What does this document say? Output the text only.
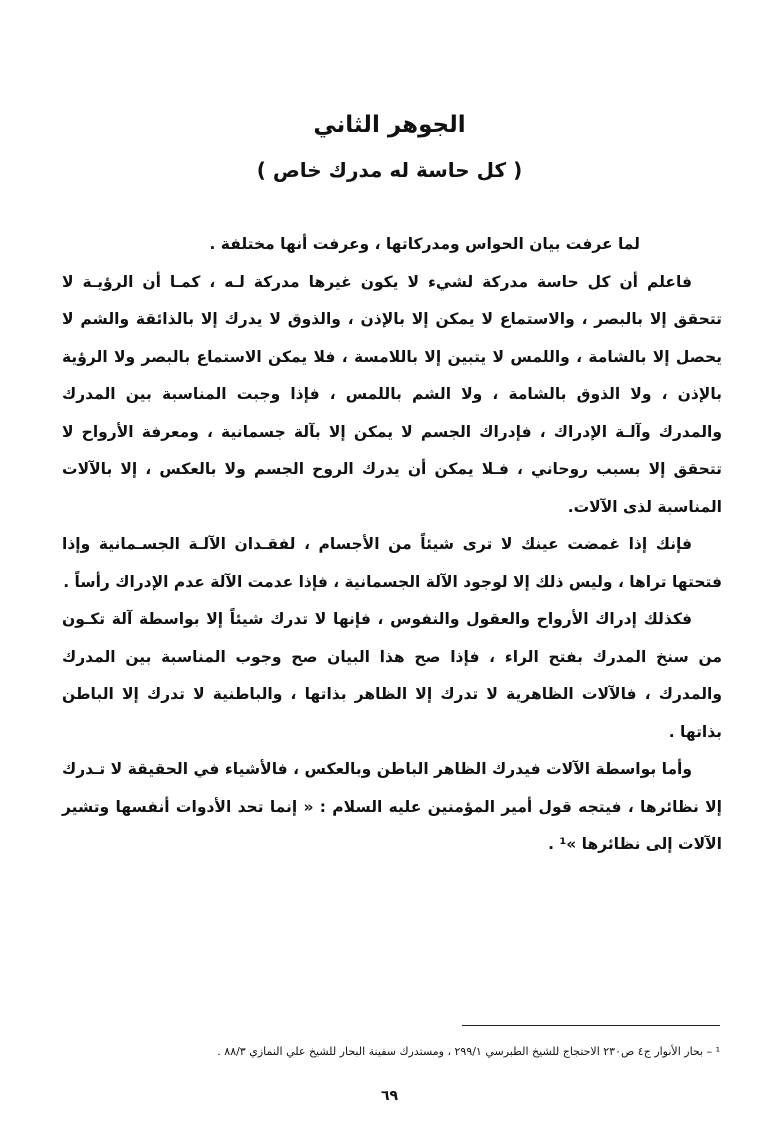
الجوهر الثاني
( كل حاسة له مدرك خاص )

لما عرفت بيان الحواس ومدركاتها ، وعرفت أنها مختلفة .

فاعلم أن كل حاسة مدركة لشيء لا يكون غيرها مدركة لـه ، كمـا أن الرؤيـة لا تتحقق إلا بالبصر ، والاستماع لا يمكن إلا بالإذن ، والذوق لا يدرك إلا بالذائقة والشم لا يحصل إلا بالشامة ، واللمس لا يتبين إلا باللامسة ، فلا يمكن الاستماع بالبصر ولا الرؤية بالإذن ، ولا الذوق بالشامة ، ولا الشم باللمس ، فإذا وجبت المناسبة بين المدرك والمدرك وآلـة الإدراك ، فإدراك الجسم لا يمكن إلا بآلة جسمانية ، ومعرفة الأرواح لا تتحقق إلا بسبب روحاني ، فـلا يمكن أن يدرك الروح الجسم ولا بالعكس ، إلا بالآلات المناسبة لذى الآلات.

فإنك إذا غمضت عينك لا ترى شيئاً من الأجسام ، لفقـدان الآلـة الجسـمانية وإذا فتحتها تراها ، وليس ذلك إلا لوجود الآلة الجسمانية ، فإذا عدمت الآلة عدم الإدراك رأساً .

فكذلك إدراك الأرواح والعقول والنفوس ، فإنها لا تدرك شيئاً إلا بواسطة آلة تكـون من سنخ المدرك بفتح الراء ، فإذا صح هذا البيان صح وجوب المناسبة بين المدرك والمدرك ، فالآلات الظاهرية لا تدرك إلا الظاهر بذاتها ، والباطنية لا تدرك إلا الباطن بذاتها .

وأما بواسطة الآلات فيدرك الظاهر الباطن وبالعكس ، فالأشياء في الحقيقة لا تـدرك إلا نظائرها ، فيتجه قول أمير المؤمنين عليه السلام : « إنما تحد الأدوات أنفسها وتشير الآلات إلى نظائرها »¹ .

¹ – بحار الأنوار ج٤ ص٢٣٠ الاحتجاج للشيخ الطبرسي ٢٩٩/١ ، ومستدرك سفينة البحار للشيخ علي النمازي ٨٨/٣ .
٦٩
